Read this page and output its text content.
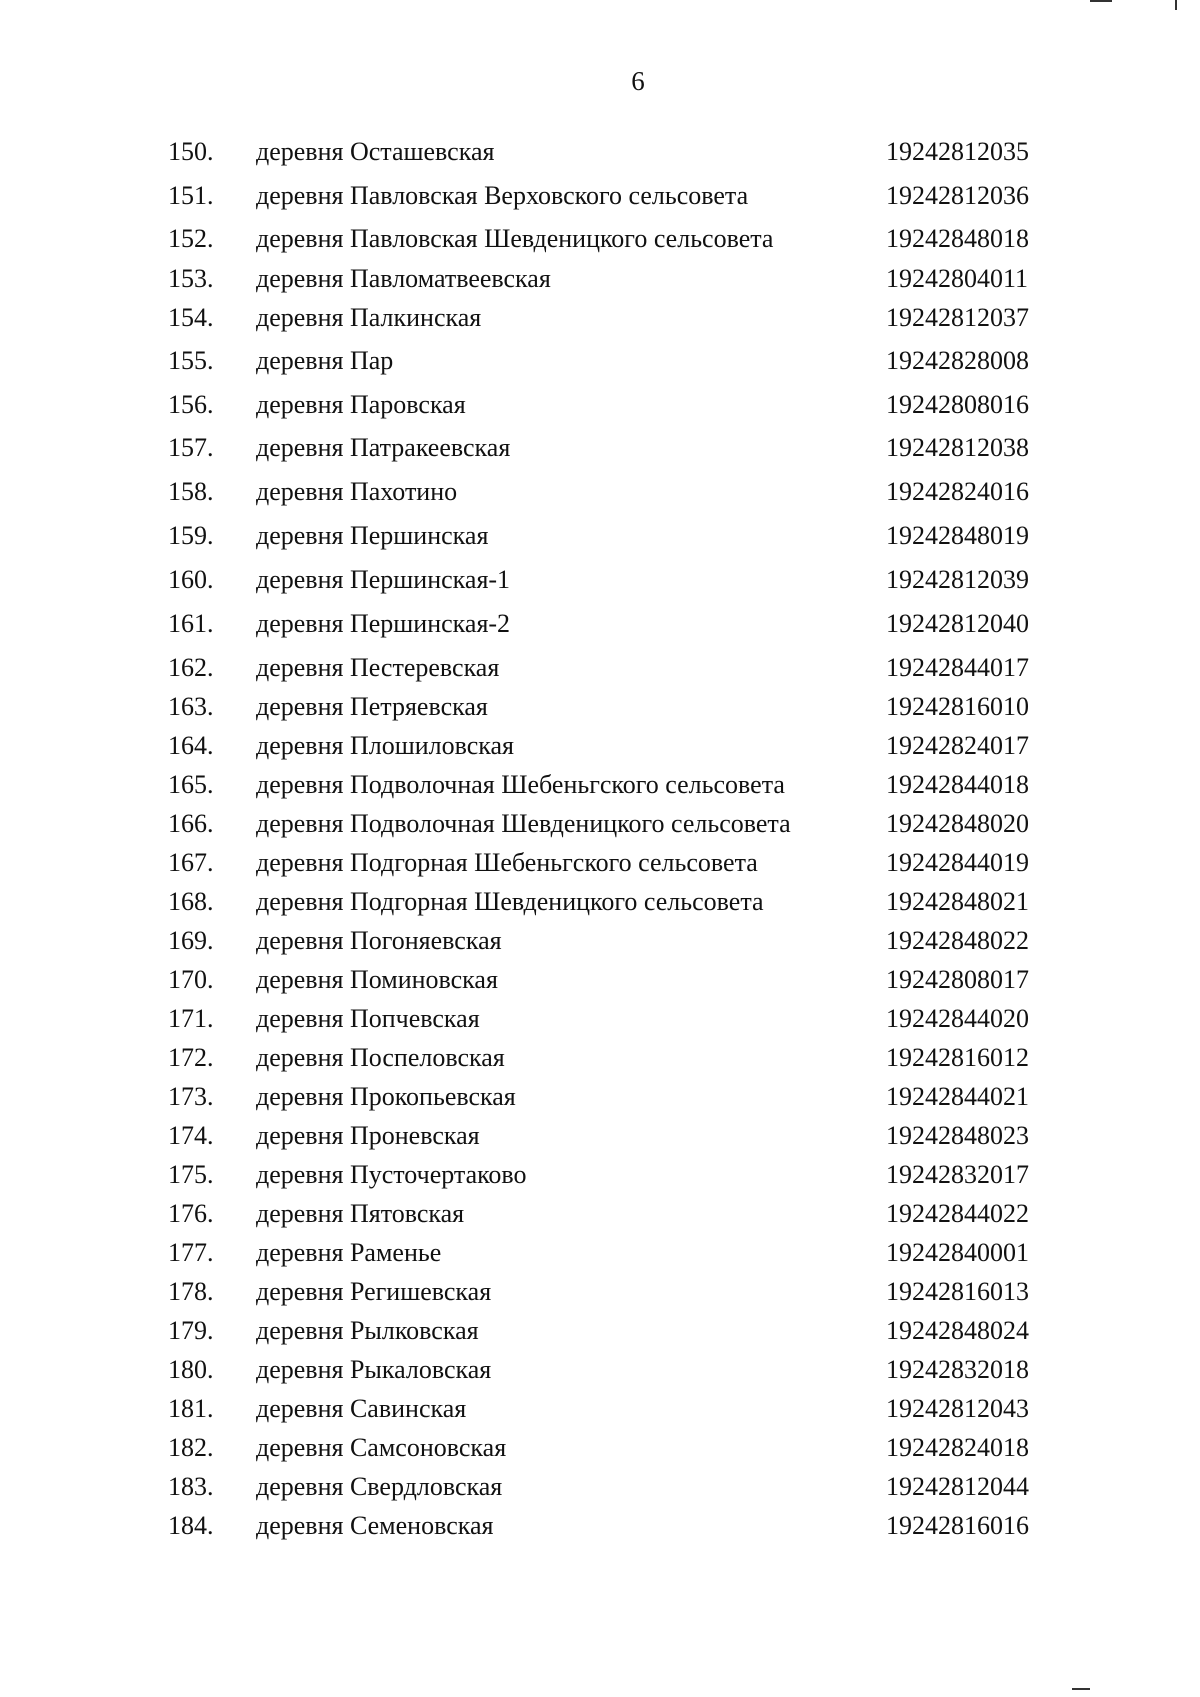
6
150. деревня Осташевская	19242812035
151. деревня Павловская Верховского сельсовета	19242812036
152. деревня Павловская Шевденицкого сельсовета	19242848018
153. деревня Павломатвеевская	19242804011
154. деревня Палкинская	19242812037
155. деревня Пар	19242828008
156. деревня Паровская	19242808016
157. деревня Патракеевская	19242812038
158. деревня Пахотино	19242824016
159. деревня Першинская	19242848019
160. деревня Першинская-1	19242812039
161. деревня Першинская-2	19242812040
162. деревня Пестеревская	19242844017
163. деревня Петряевская	19242816010
164. деревня Плошиловская	19242824017
165. деревня Подволочная Шебеньгского сельсовета	19242844018
166. деревня Подволочная Шевденицкого сельсовета	19242848020
167. деревня Подгорная Шебеньгского сельсовета	19242844019
168. деревня Подгорная Шевденицкого сельсовета	19242848021
169. деревня Погоняевская	19242848022
170. деревня Поминовская	19242808017
171. деревня Попчевская	19242844020
172. деревня Поспеловская	19242816012
173. деревня Прокопьевская	19242844021
174. деревня Проневская	19242848023
175. деревня Пусточертаково	19242832017
176. деревня Пятовская	19242844022
177. деревня Раменье	19242840001
178. деревня Регишевская	19242816013
179. деревня Рылковская	19242848024
180. деревня Рыкаловская	19242832018
181. деревня Савинская	19242812043
182. деревня Самсоновская	19242824018
183. деревня Свердловская	19242812044
184. деревня Семеновская	19242816016
